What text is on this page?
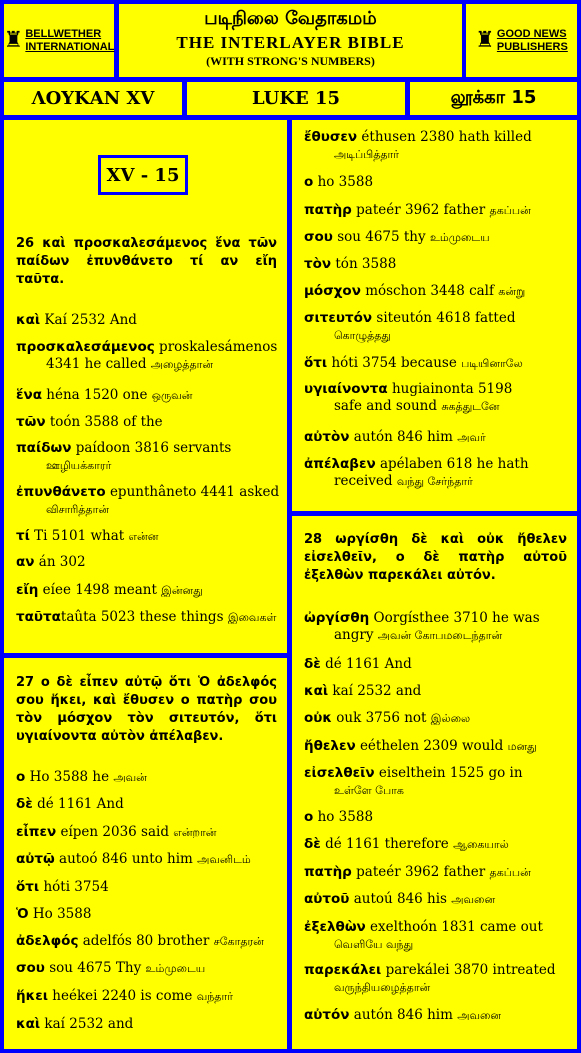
♜ BELLWETHER
INTERNATIONAL
படிநிலை வேதாகமம்
THE INTERLAYER BIBLE
(WITH STRONG'S NUMBERS)
♜ GOOD NEWS
PUBLISHERS
ΛΟΥΚΑΝ XV	LUKE 15	லூக்கா 15
XV - 15
26 καὶ προσκαλεσάμενος ἕνα τῶν παίδων ἐπυνθάνετο τί αν εἴη ταῦτα.
καὶ Kaí 2532 And
προσκαλεσάμενος proskalesámenos
4341 he called அழைத்தான்
ἕνα héna 1520 one ஒருவன்
τῶν toón 3588 of the
παίδων paídoon 3816 servants
ஊழியக்காரர்
ἐπυνθάνετο epunthâneto 4441 asked
விசாரித்தான்
τί Ti 5101 what என்ன
αν án 302
εἴη eíee 1498 meant இன்னது
ταῦταtaûta 5023 these things இவைகள்
27 ο δὲ εἶπεν αὐτῷ ὅτι Ὁ ἀδελφός σου ἥκει, καὶ ἔθυσεν ο πατὴρ σου τὸν μόσχον τὸν σιτευτόν, ὅτι υγιαίνοντα αὐτὸν ἀπέλαβεν.
ο Ho 3588 he அவன்
δὲ dé 1161 And
εἶπεν eípen 2036 said என்றான்
αὐτῷ autoó 846 unto him அவனிடம்
ὅτι hóti 3754
Ὁ Ho 3588
ἀδελφός adelfós 80 brother சகோதரன்
σου sou 4675 Thy உம்முடைய
ἥκει heékei 2240 is come வந்தார்
καὶ kaí 2532 and
ἔθυσεν éthusen 2380 hath killed
அடிப்பித்தார்
ο ho 3588
πατὴρ pateér 3962 father தகப்பன்
σου sou 4675 thy உம்முடைய
τὸν tón 3588
μόσχον móschon 3448 calf கன்று
σιτευτόν siteutón 4618 fatted
கொழுத்தது
ὅτι hóti 3754 because படியினாலே
υγιαίνοντα hugiainonta 5198
safe and sound சுகத்துடனே
αὐτὸν autón 846 him அவர்
ἀπέλαβεν apélaben 618 he hath
received வந்து சேர்ந்தார்
28 ωργίσθη δὲ καὶ οὐκ ἤθελεν εἰσελθεῖν, ο δὲ πατὴρ αὐτοῦ ἐξελθὼν παρεκάλει αὐτόν.
ὠργίσθη Oorgísthee 3710 he was
angry அவன் கோபமடைந்தான்
δὲ dé 1161 And
καὶ kaí 2532 and
οὐκ ouk 3756 not இல்லை
ἤθελεν eéthelen 2309 would மனது
εἰσελθεῖν eiselthein 1525 go in
உள்ளே போக
ο ho 3588
δὲ dé 1161 therefore ஆகையால்
πατὴρ pateér 3962 father தகப்பன்
αὐτοῦ autoú 846 his அவனை
ἐξελθὼν exelthoón 1831 came out
வெளியே வந்து
παρεκάλει parekálei 3870 intreated
வருந்தியழைத்தான்
αὐτόν autón 846 him அவனை
